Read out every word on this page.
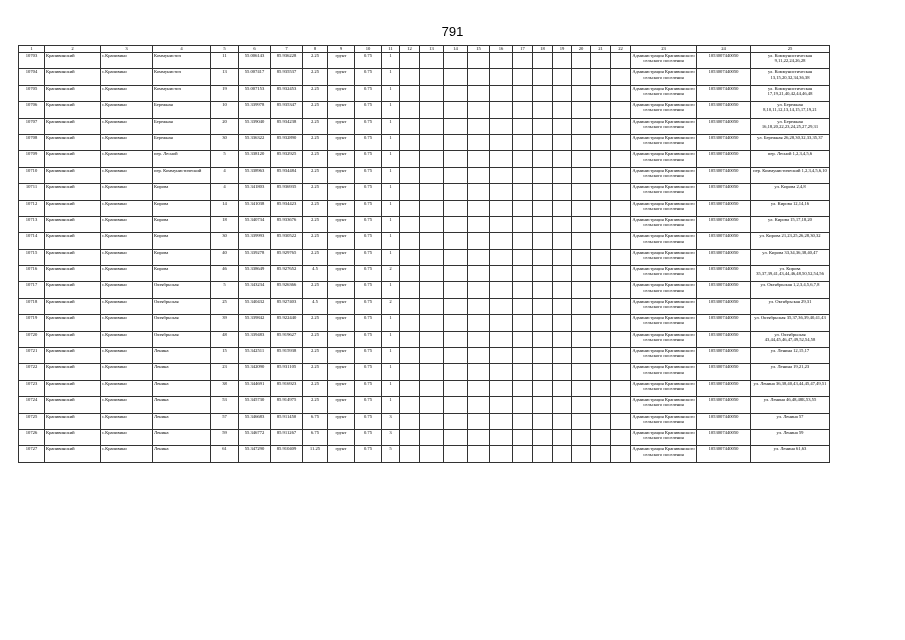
791
1	2	3	4	5	6	7	8	9	10	11	12	13	14	15	16	17	18	19	20	21	22	23	24	25
10703	Крапивинский	с.Крапивино	Коммунистич	11	55.006143	85.936228	2.25	грунт	0.75	1												Администрация Крапивинского сельского поселения	1053007440050	ул. Коммунистическая 9,11,22,24,26,28
10704	Крапивинский	с.Крапивино	Коммунистич	13	55.007417	85.935537	2.25	грунт	0.75	1												Администрация Крапивинского сельского поселения	1053007440050	ул. Коммунистическая 13,15,20,32,34,36,38
10705	Крапивинский	с.Крапивино	Коммунистич	19	55.007153	85.932453	2.25	грунт	0.75	1												Администрация Крапивинского сельского поселения	1053007440050	ул. Коммунистическая 17,19,21,40,42,44,46,48
10706	Крапивинский	с.Крапивино	Бережная	10	55.339978	85.935347	2.25	грунт	0.75	1												Администрация Крапивинского сельского поселения	1053007440050	ул. Бережная 8,10,11,12,13,14,15,17,19,21
10707	Крапивинский	с.Крапивино	Бережная	20	55.339040	85.934238	2.25	грунт	0.75	1												Администрация Крапивинского сельского поселения	1053007440050	ул. Бережная 16,18,20,22,23,24,25,27,29,31
10708	Крапивинский	с.Крапивино	Бережная	30	55.336322	85.932890	2.25	грунт	0.75	1												Администрация Крапивинского сельского поселения	1053007440050	ул. Бережная 26,28,30,32,33,35,37
10709	Крапивинский	с.Крапивино	пер. Лесной	5	55.338120	85.932925	2.25	грунт	0.75	1												Администрация Крапивинского сельского поселения	1053007440050	пер. Лесной 1,2,3,4,5,6
10710	Крапивинский	с.Крапивино	пер. Коммунистический	4	55.338963	85.934484	2.25	грунт	0.75	1												Администрация Крапивинского сельского поселения	1053007440050	пер. Коммунистический 1,2,3,4,5,6,10
10711	Крапивинский	с.Крапивино	Кирова	4	55.341803	85.936935	2.25	грунт	0.75	1												Администрация Крапивинского сельского поселения	1053007440050	ул. Кирова 2,4,8
10712	Крапивинский	с.Крапивино	Кирова	14	55.341038	85.934423	2.25	грунт	0.75	1												Администрация Крапивинского сельского поселения	1053007440050	ул. Кирова 12,14,16
10713	Крапивинский	с.Крапивино	Кирова	18	55.340734	85.933676	2.25	грунт	0.75	1												Администрация Крапивинского сельского поселения	1053007440050	ул. Кирова 15,17,18,20
10714	Крапивинский	с.Крапивино	Кирова	30	55.339993	85.930522	2.25	грунт	0.75	1												Администрация Крапивинского сельского поселения	1053007440050	ул. Кирова 21,23,25,26,28,30,32
10715	Крапивинский	с.Крапивино	Кирова	40	55.339278	85.929765	2.25	грунт	0.75	1												Администрация Крапивинского сельского поселения	1053007440050	ул. Кирова 33,34,36,38,40,47
10716	Крапивинский	с.Крапивино	Кирова	46	55.338649	85.927652	4.5	грунт	0.75	2												Администрация Крапивинского сельского поселения	1053007440050	ул. Кирова 35,37,39,41,43,44,46,48,50,52,54,56
10717	Крапивинский	с.Крапивино	Октябрьская	5	55.343234	85.926366	2.25	грунт	0.75	1												Администрация Крапивинского сельского поселения	1053007440050	ул. Октябрьская 1,2,3,4,5,6,7,8
10718	Крапивинский	с.Крапивино	Октябрьская	25	55.340432	85.927403	4.5	грунт	0.75	2												Администрация Крапивинского сельского поселения	1053007440050	ул. Октябрьская 29,31
10719	Крапивинский	с.Крапивино	Октябрьская	39	55.339842	85.922440	2.25	грунт	0.75	1												Администрация Крапивинского сельского поселения	1053007440050	ул. Октябрьская 35,37,36,39,40,41,43
10720	Крапивинский	с.Крапивино	Октябрьская	48	55.339483	85.919627	2.25	грунт	0.75	1												Администрация Крапивинского сельского поселения	1053007440050	ул. Октябрьская 43,44,45,46,47,49,52,54,58
10721	Крапивинский	с.Крапивино	Ленина	15	55.342511	85.915938	2.25	грунт	0.75	1												Администрация Крапивинского сельского поселения	1053007440050	ул. Ленина 12,15,17
10722	Крапивинский	с.Крапивино	Ленина	23	55.342090	85.931105	2.25	грунт	0.75	1												Администрация Крапивинского сельского поселения	1053007440050	ул. Ленина 19,21,23
10723	Крапивинский	с.Крапивино	Ленина	38	55.344691	85.916923	2.25	грунт	0.75	1												Администрация Крапивинского сельского поселения	1053007440050	ул. Ленина 36,38,40,43,44,45,47,49,51
10724	Крапивинский	с.Крапивино	Ленина	53	55.345730	85.914975	2.25	грунт	0.75	1												Администрация Крапивинского сельского поселения	1053007440050	ул. Ленина 46,48,48Б,53,55
10725	Крапивинский	с.Крапивино	Ленина	57	55.346683	85.911450	6.75	грунт	0.75	3												Администрация Крапивинского сельского поселения	1053007440050	ул. Ленина 57
10726	Крапивинский	с.Крапивино	Ленина	59	55.346772	85.911267	6.75	грунт	0.75	3												Администрация Крапивинского сельского поселения	1053007440050	ул. Ленина 59
10727	Крапивинский	с.Крапивино	Ленина	61	55.347290	85.910409	11.25	грунт	0.75	5												Администрация Крапивинского сельского поселения	1053007440050	ул. Ленина 61,63
